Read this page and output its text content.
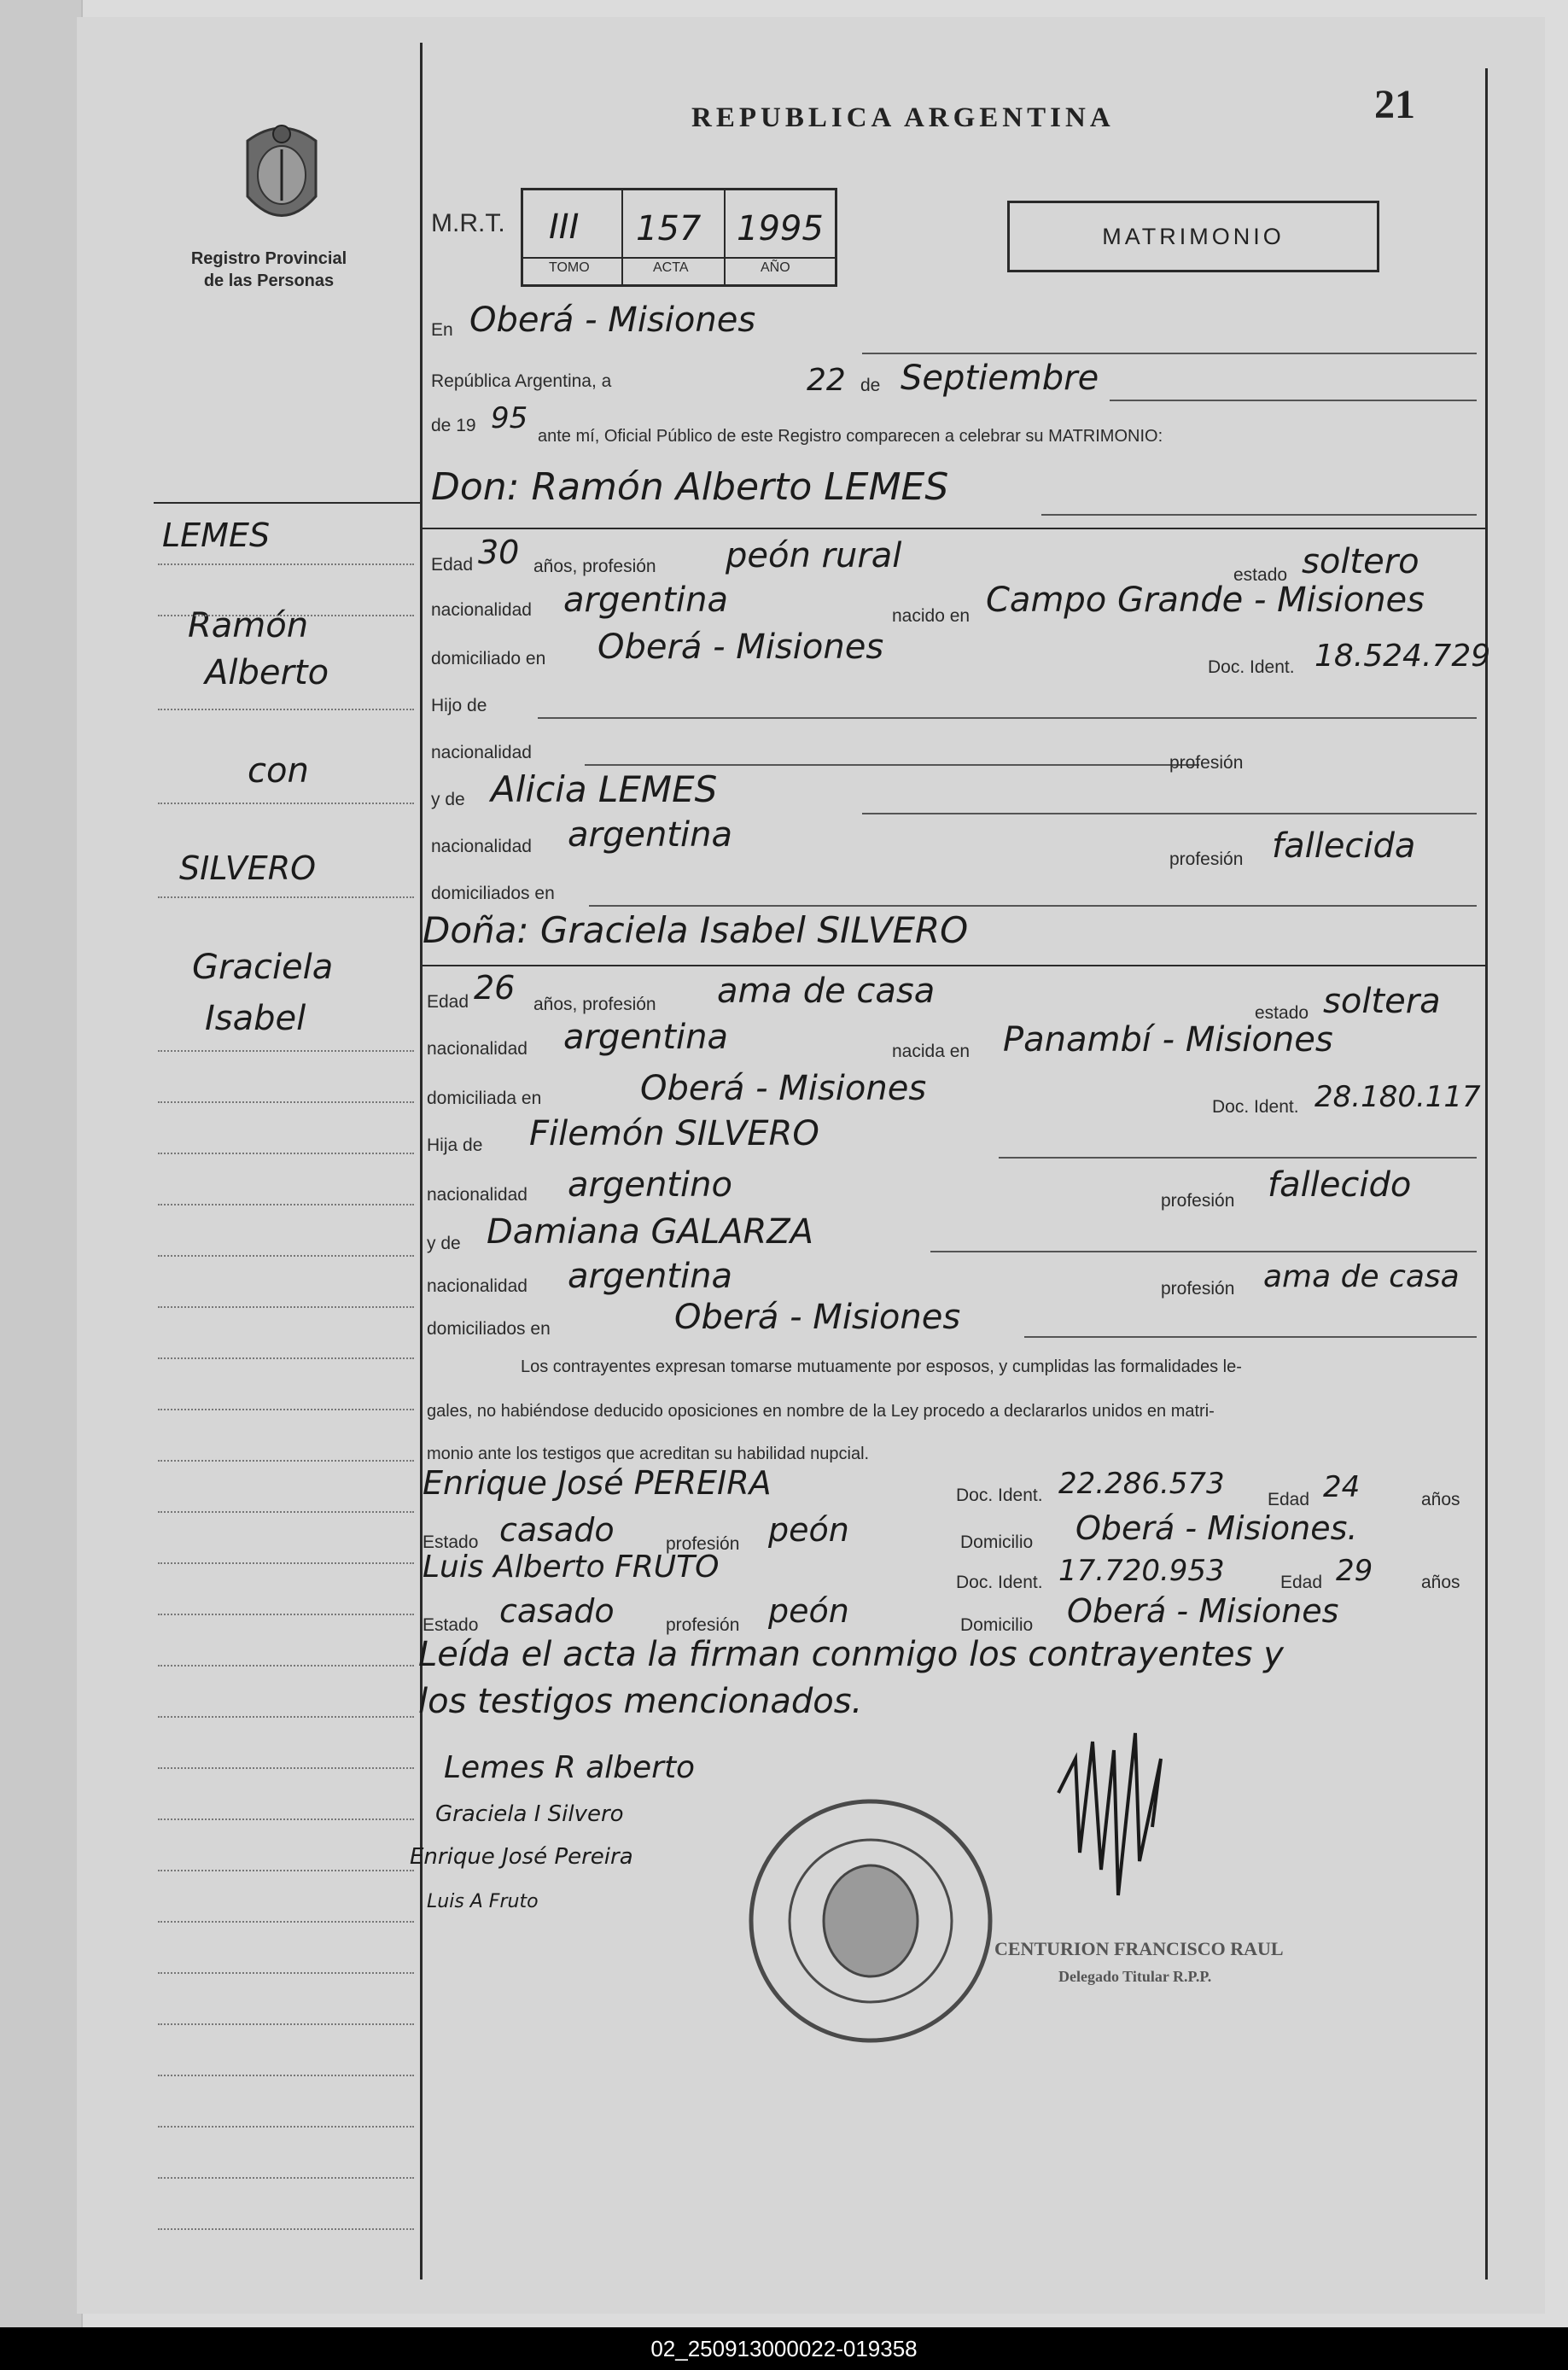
Registro Provincial
de las Personas
REPUBLICA ARGENTINA	21
M.R.T. III 157 1995
TOMO	ACTA	AÑO
MATRIMONIO
LEMES
Ramón
Alberto
con
SILVERO
Graciela
Isabel
En Oberá - Misiones
República Argentina, a	22 de Septiembre
de 19 95
ante mí, Oficial Público de este Registro comparecen a celebrar su MATRIMONIO:
Don: Ramón Alberto LEMES
Edad 30 años, profesión peón rural	estado soltero
nacionalidad argentina	nacido en Campo Grande - Misiones
domiciliado en Oberá - Misiones
Doc. Ident. 18.524.729
Hijo de
nacionalidad
profesión
y de Alicia LEMES
nacionalidad argentina
profesión fallecida
domiciliados en
Doña: Graciela Isabel SILVERO
Edad 26 años, profesión ama de casa
estado soltera
nacionalidad argentina	nacida en Panambí - Misiones
domiciliada en	Oberá - Misiones	Doc. Ident. 28.180.117
Hija de Filemón SILVERO
nacionalidad argentino	profesión fallecido
y de Damiana GALARZA
nacionalidad argentina	profesión ama de casa
domiciliados en	Oberá - Misiones
Los contrayentes expresan tomarse mutuamente por esposos, y cumplidas las formalidades le-
gales, no habiéndose deducido oposiciones en nombre de la Ley procedo a declararlos unidos en matri-
monio ante los testigos que acreditan su habilidad nupcial.
Enrique José PEREIRA	Doc. Ident. 22.286.573 Edad 24	años
Estado casado	profesión peón	Domicilio Oberá - Misiones.
Luis Alberto FRUTO	Doc. Ident. 17.720.953	Edad 29	años
Estado casado	profesión peón	Domicilio Oberá - Misiones
Leída el acta la firman conmigo los contrayentes y
los testigos mencionados.
Lemes R alberto
Graciela I Silvero
Enrique José Pereira
Luis A Fruto
CENTURION FRANCISCO RAUL
Delegado Titular R.P.P.
02_250913000022-019358
